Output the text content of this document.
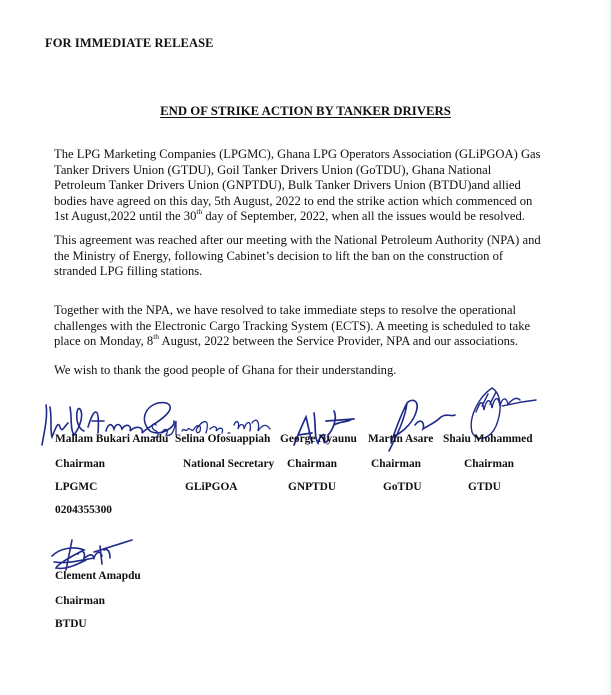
FOR IMMEDIATE RELEASE
END OF STRIKE ACTION BY TANKER DRIVERS
The LPG Marketing Companies (LPGMC), Ghana LPG Operators Association (GLiPGOA) Gas
Tanker Drivers Union (GTDU), Goil Tanker Drivers Union (GoTDU), Ghana National
Petroleum Tanker Drivers Union (GNPTDU), Bulk Tanker Drivers Union (BTDU)and allied
bodies have agreed on this day, 5th August, 2022 to end the strike action which commenced on
1st August,2022 until the 30th day of September, 2022, when all the issues would be resolved.
This agreement was reached after our meeting with the National Petroleum Authority (NPA) and
the Ministry of Energy, following Cabinet’s decision to lift the ban on the construction of
stranded LPG filling stations.
Together with the NPA, we have resolved to take immediate steps to resolve the operational
challenges with the Electronic Cargo Tracking System (ECTS). A meeting is scheduled to take
place on Monday, 8th August, 2022 between the Service Provider, NPA and our associations.
We wish to thank the good people of Ghana for their understanding.
Mallam Bukari Amadu
Chairman
LPGMC
0204355300
Selina Ofosuappiah
National Secretary
GLiPGOA
George Nyaunu
Chairman
GNPTDU
Martin Asare
Chairman
GoTDU
Shaiu Mohammed
Chairman
GTDU
Clement Amapdu
Chairman
BTDU
